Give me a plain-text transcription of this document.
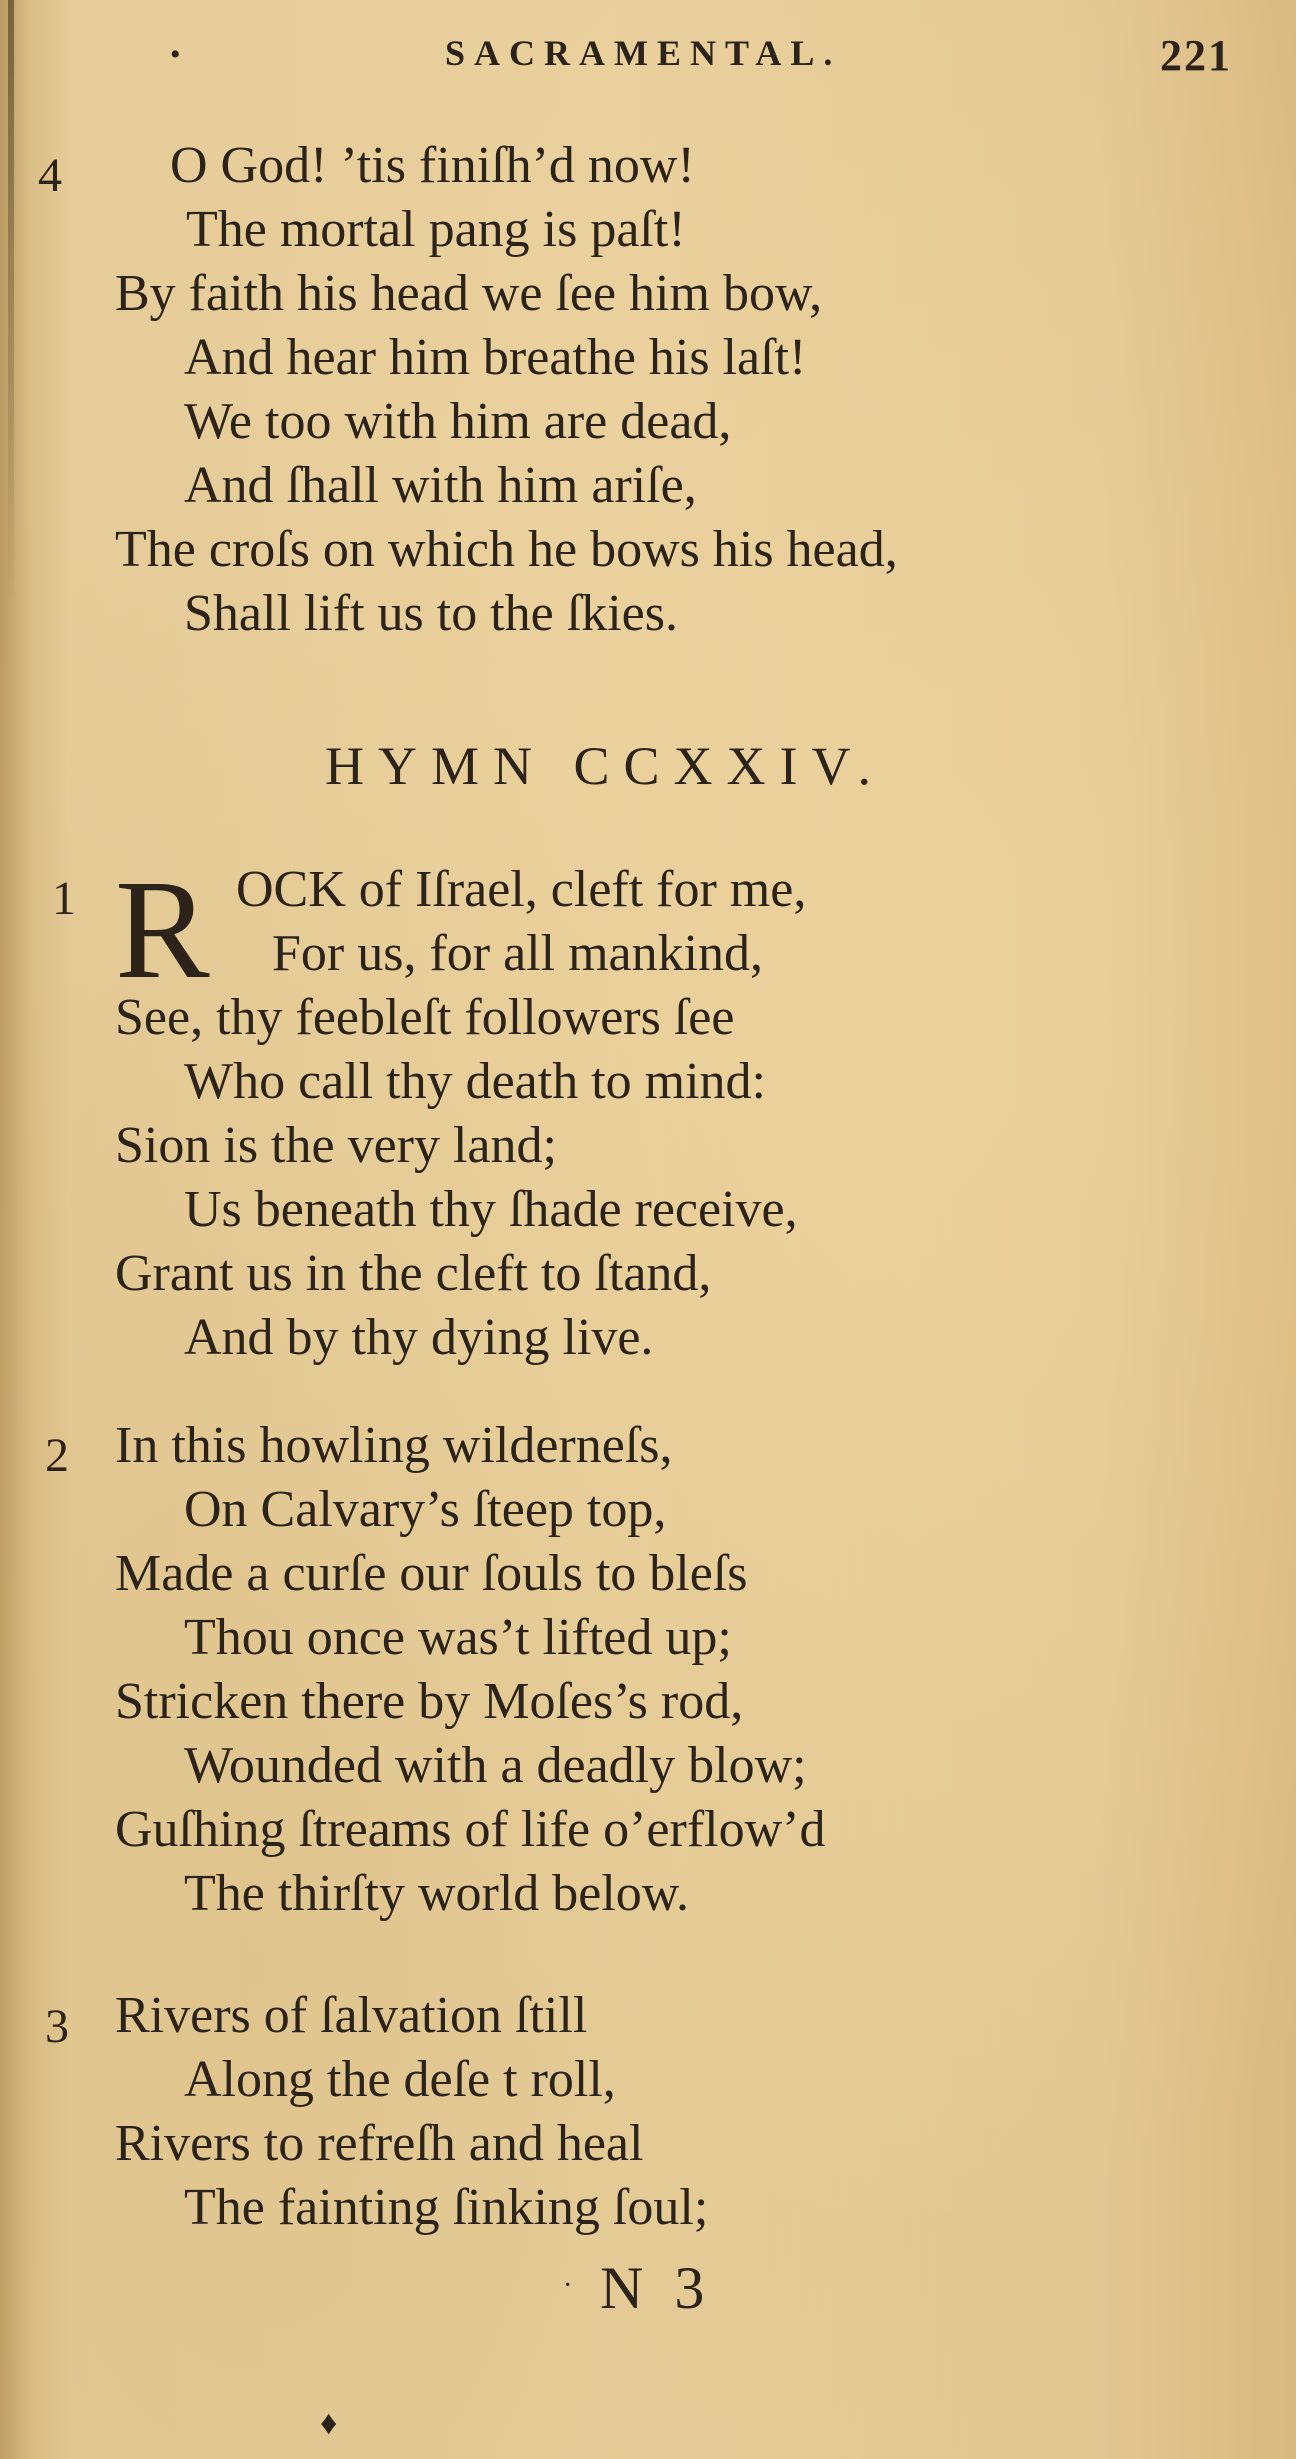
•	SACRAMENTAL.	221
4 O God! ’tis finiſh’d now!
The mortal pang is paſt!
By faith his head we ſee him bow,
And hear him breathe his laſt!
We too with him are dead,
And ſhall with him ariſe,
The croſs on which he bows his head,
Shall lift us to the ſkies.
HYMN CCXXIV.
1 R OCK of Iſrael, cleft for me,
For us, for all mankind,
See, thy feebleſt followers ſee
Who call thy death to mind:
Sion is the very land;
Us beneath thy ſhade receive,
Grant us in the cleft to ſtand,
And by thy dying live.
2 In this howling wilderneſs,
On Calvary’s ſteep top,
Made a curſe our ſouls to bleſs
Thou once was’t lifted up;
Stricken there by Moſes’s rod,
Wounded with a deadly blow;
Guſhing ſtreams of life o’erflow’d
The thirſty world below.
3 Rivers of ſalvation ſtill
Along the deſe t roll,
Rivers to refreſh and heal
The fainting ſinking ſoul;
· N 3
♦
